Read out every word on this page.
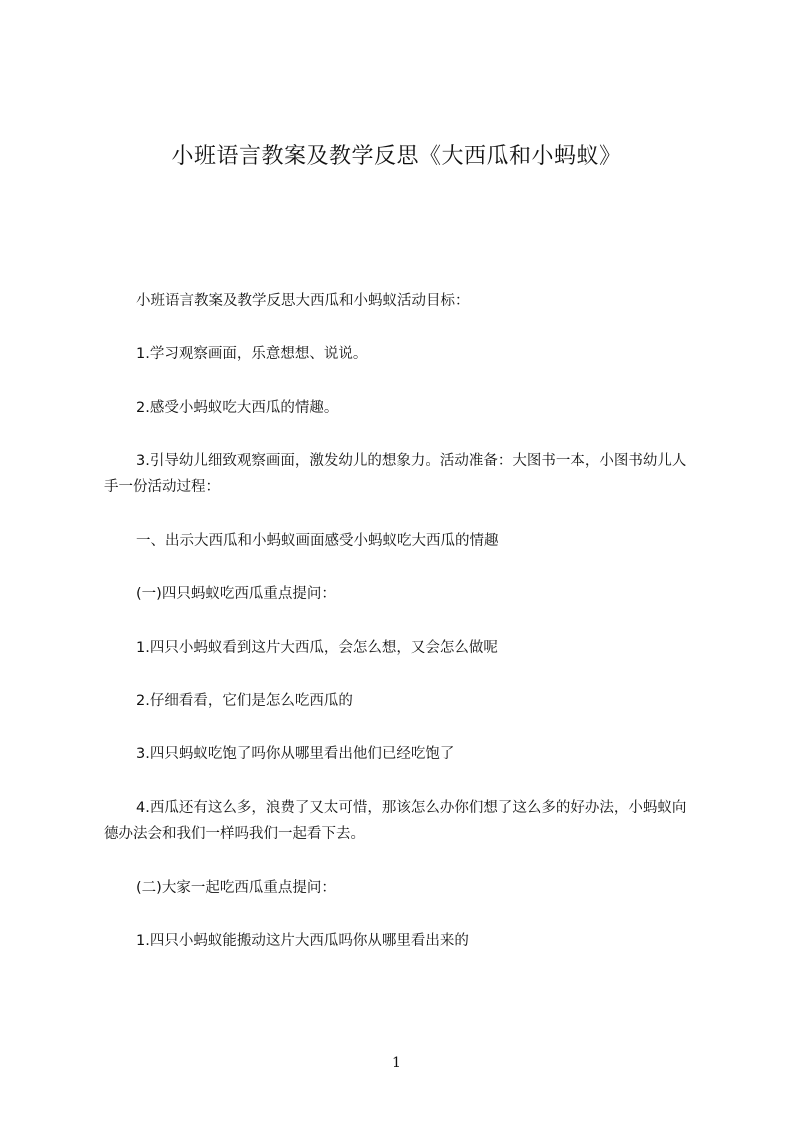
小班语言教案及教学反思《大西瓜和小蚂蚁》
小班语言教案及教学反思大西瓜和小蚂蚁活动目标：
1.学习观察画面，乐意想想、说说。
2.感受小蚂蚁吃大西瓜的情趣。
3.引导幼儿细致观察画面，激发幼儿的想象力。活动准备：大图书一本，小图书幼儿人手一份活动过程：
一、出示大西瓜和小蚂蚁画面感受小蚂蚁吃大西瓜的情趣
(一)四只蚂蚁吃西瓜重点提问：
1.四只小蚂蚁看到这片大西瓜，会怎么想，又会怎么做呢
2.仔细看看，它们是怎么吃西瓜的
3.四只蚂蚁吃饱了吗你从哪里看出他们已经吃饱了
4.西瓜还有这么多，浪费了又太可惜，那该怎么办你们想了这么多的好办法，小蚂蚁向德办法会和我们一样吗我们一起看下去。
(二)大家一起吃西瓜重点提问：
1.四只小蚂蚁能搬动这片大西瓜吗你从哪里看出来的
1
